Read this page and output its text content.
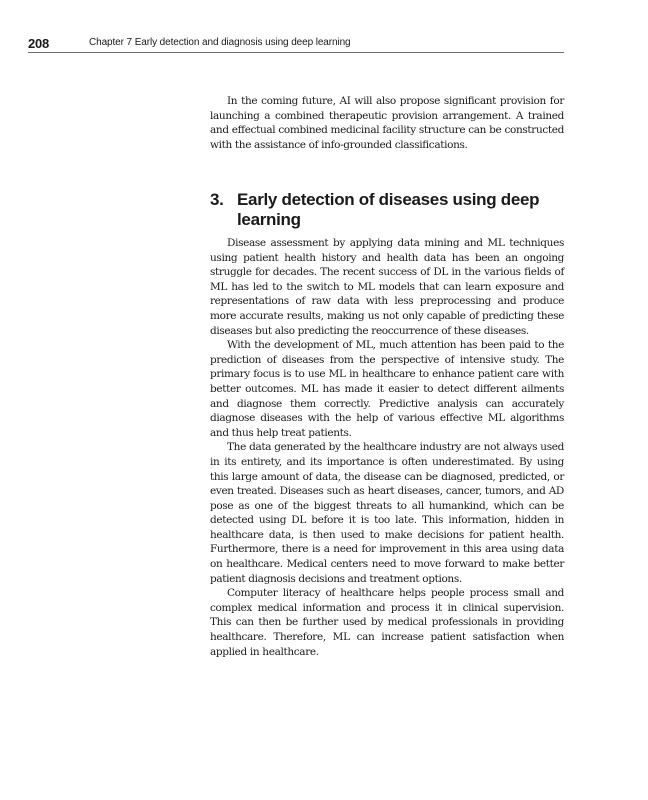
208	Chapter 7 Early detection and diagnosis using deep learning

In the coming future, AI will also propose significant provision for launching a combined therapeutic provision arrangement. A trained and effectual combined medicinal facility structure can be constructed with the assistance of info-grounded classifications.

3. Early detection of diseases using deep
learning

Disease assessment by applying data mining and ML techniques using patient health history and health data has been an ongoing struggle for decades. The recent success of DL in the various fields of ML has led to the switch to ML models that can learn exposure and representations of raw data with less preprocessing and produce more accurate results, making us not only capable of predicting these diseases but also predicting the reoccurrence of these diseases.

With the development of ML, much attention has been paid to the prediction of diseases from the perspective of intensive study. The primary focus is to use ML in healthcare to enhance patient care with better outcomes. ML has made it easier to detect different ailments and diagnose them correctly. Predictive analysis can accurately diagnose diseases with the help of various effective ML algorithms and thus help treat patients.

The data generated by the healthcare industry are not always used in its entirety, and its importance is often underestimated. By using this large amount of data, the disease can be diagnosed, predicted, or even treated. Diseases such as heart diseases, cancer, tumors, and AD pose as one of the biggest threats to all humankind, which can be detected using DL before it is too late. This information, hidden in healthcare data, is then used to make decisions for patient health. Furthermore, there is a need for improvement in this area using data on healthcare. Medical centers need to move forward to make better patient diagnosis decisions and treatment options.

Computer literacy of healthcare helps people process small and complex medical information and process it in clinical supervision. This can then be further used by medical professionals in providing healthcare. Therefore, ML can increase patient satisfaction when applied in healthcare.
